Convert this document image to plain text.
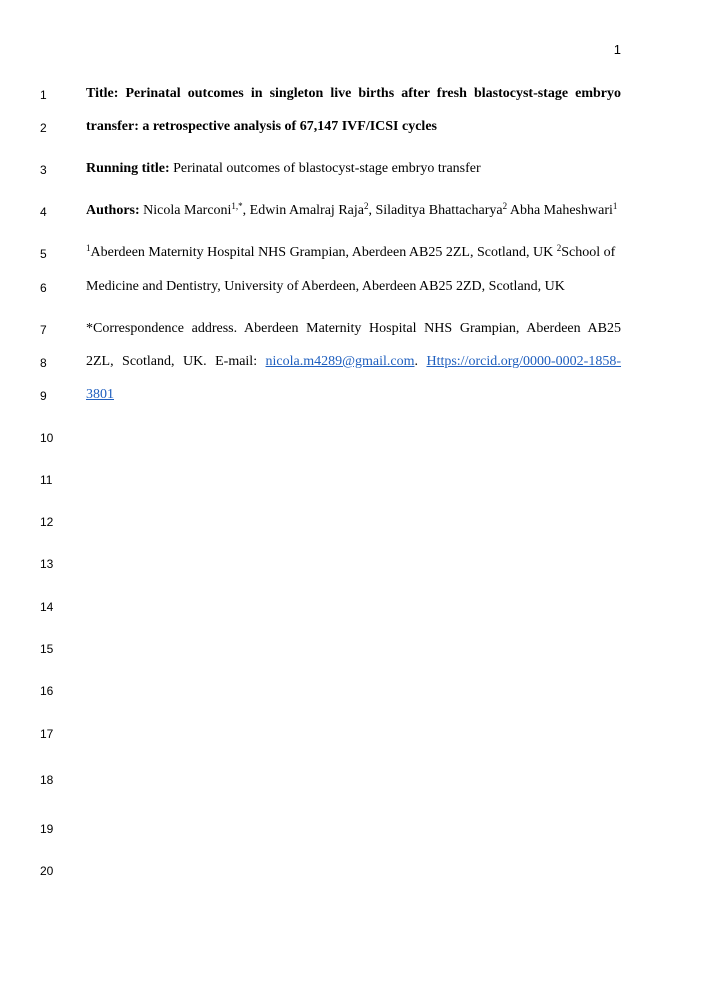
1
1
2
3
4
5
6
7
8
9
10
11
12
13
14
15
16
17
18
19
20
Title: Perinatal outcomes in singleton live births after fresh blastocyst-stage embryo
transfer: a retrospective analysis of 67,147 IVF/ICSI cycles
Running title: Perinatal outcomes of blastocyst-stage embryo transfer
Authors: Nicola Marconi$^{1,*}$, Edwin Amalraj Raja$^2$, Siladitya Bhattacharya$^2$ Abha Maheshwari$^1$
$^1$Aberdeen Maternity Hospital NHS Grampian, Aberdeen AB25 2ZL, Scotland, UK $^2$School of
Medicine and Dentistry, University of Aberdeen, Aberdeen AB25 2ZD, Scotland, UK
*Correspondence address. Aberdeen Maternity Hospital NHS Grampian, Aberdeen AB25
2ZL, Scotland, UK. E-mail: nicola.m4289@gmail.com. Https://orcid.org/0000-0002-1858-
3801
